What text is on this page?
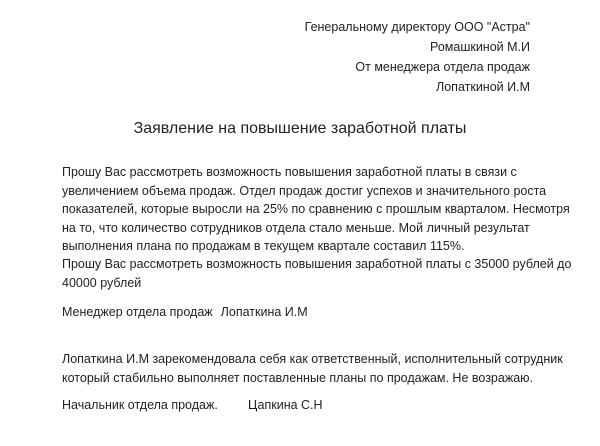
Генеральному директору ООО "Астра"
Ромашкиной М.И
От менеджера отдела продаж
Лопаткиной И.М
Заявление на повышение заработной платы
Прошу Вас рассмотреть возможность повышения заработной платы в связи с
увеличением объема продаж. Отдел продаж достиг успехов и значительного роста
показателей, которые выросли на 25% по сравнению с прошлым кварталом. Несмотря
на то, что количество сотрудников отдела стало меньше. Мой личный результат
выполнения плана по продажам в текущем квартале составил 115%.
Прошу Вас рассмотреть возможность повышения заработной платы с 35000 рублей до
40000 рублей
Менеджер отдела продаж Лопаткина И.М
Лопаткина И.М зарекомендовала себя как ответственный, исполнительный сотрудник
который стабильно выполняет поставленные планы по продажам. Не возражаю.
Начальник отдела продаж. Цапкина С.Н
